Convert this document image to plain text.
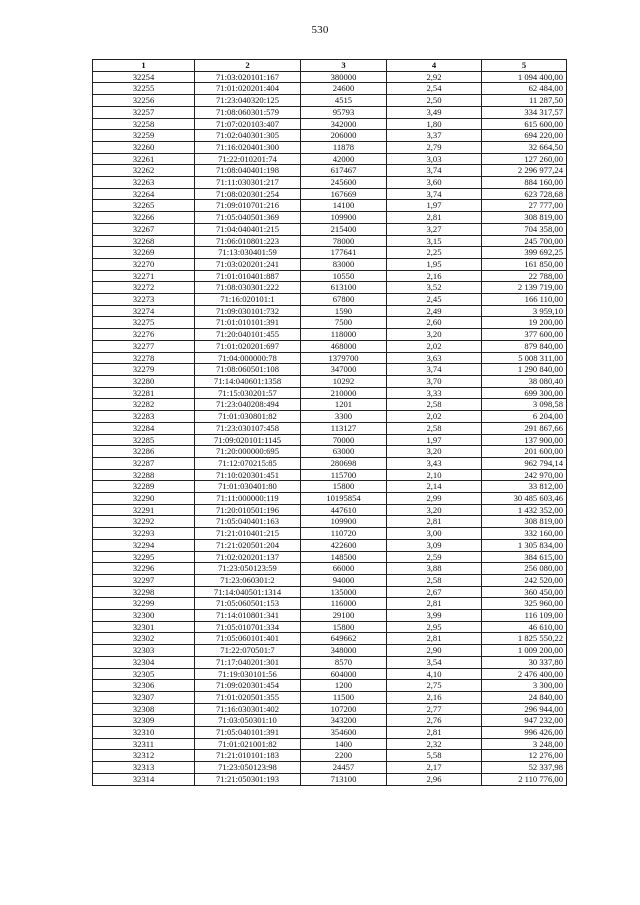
530
1	2	3	4	5
32254	71:03:020101:167	380000	2,92	1 094 400,00
32255	71:01:020201:404	24600	2,54	62 484,00
32256	71:23:040320:125	4515	2,50	11 287,50
32257	71:08:060301:579	95793	3,49	334 317,57
32258	71:07:020103:407	342000	1,80	615 600,00
32259	71:02:040301:305	206000	3,37	694 220,00
32260	71:16:020401:300	11878	2,79	32 664,50
32261	71:22:010201:74	42000	3,03	127 260,00
32262	71:08:040401:198	617467	3,74	2 296 977,24
32263	71:11:030301:217	245600	3,60	884 160,00
32264	71:08:020301:254	167669	3,74	623 728,68
32265	71:09:010701:216	14100	1,97	27 777,00
32266	71:05:040501:369	109900	2,81	308 819,00
32267	71:04:040401:215	215400	3,27	704 358,00
32268	71:06:010801:223	78000	3,15	245 700,00
32269	71:13:030401:59	177641	2,25	399 692,25
32270	71:03:020201:241	83000	1,95	161 850,00
32271	71:01:010401:887	10550	2,16	22 788,00
32272	71:08:030301:222	613100	3,52	2 139 719,00
32273	71:16:020101:1	67800	2,45	166 110,00
32274	71:09:030101:732	1590	2,49	3 959,10
32275	71:01:010101:391	7500	2,60	19 200,00
32276	71:20:040101:455	118000	3,20	377 600,00
32277	71:01:020201:697	468000	2,02	879 840,00
32278	71:04:000000:78	1379700	3,63	5 008 311,00
32279	71:08:060501:108	347000	3,74	1 290 840,00
32280	71:14:040601:1358	10292	3,70	38 080,40
32281	71:15:030201:57	210000	3,33	699 300,00
32282	71:23:040208:494	1201	2,58	3 098,58
32283	71:01:030801:82	3300	2,02	6 204,00
32284	71:23:030107:458	113127	2,58	291 867,66
32285	71:09:020101:1145	70000	1,97	137 900,00
32286	71:20:000000:695	63000	3,20	201 600,00
32287	71:12:070215:85	280698	3,43	962 794,14
32288	71:10:020301:451	115700	2,10	242 970,00
32289	71:01:030401:80	15800	2,14	33 812,00
32290	71:11:000000:119	10195854	2,99	30 485 603,46
32291	71:20:010501:196	447610	3,20	1 432 352,00
32292	71:05:040401:163	109900	2,81	308 819,00
32293	71:21:010401:215	110720	3,00	332 160,00
32294	71:21:020501:204	422600	3,09	1 305 834,00
32295	71:02:020201:137	148500	2,59	384 615,00
32296	71:23:050123:59	66000	3,88	256 080,00
32297	71:23:060301:2	94000	2,58	242 520,00
32298	71:14:040501:1314	135000	2,67	360 450,00
32299	71:05:060501:153	116000	2,81	325 960,00
32300	71:14:010801:341	29100	3,99	116 109,00
32301	71:05:010701:334	15800	2,95	46 610,00
32302	71:05:060101:401	649662	2,81	1 825 550,22
32303	71:22:070501:7	348000	2,90	1 009 200,00
32304	71:17:040201:301	8570	3,54	30 337,80
32305	71:19:030101:56	604000	4,10	2 476 400,00
32306	71:09:020301:454	1200	2,75	3 300,00
32307	71:01:020501:355	11500	2,16	24 840,00
32308	71:16:030301:402	107200	2,77	296 944,00
32309	71:03:050301:10	343200	2,76	947 232,00
32310	71:05:040101:391	354600	2,81	996 426,00
32311	71:01:021001:82	1400	2,32	3 248,00
32312	71:21:010101:183	2200	5,58	12 276,00
32313	71:23:050123:98	24457	2,17	52 337,98
32314	71:21:050301:193	713100	2,96	2 110 776,00
